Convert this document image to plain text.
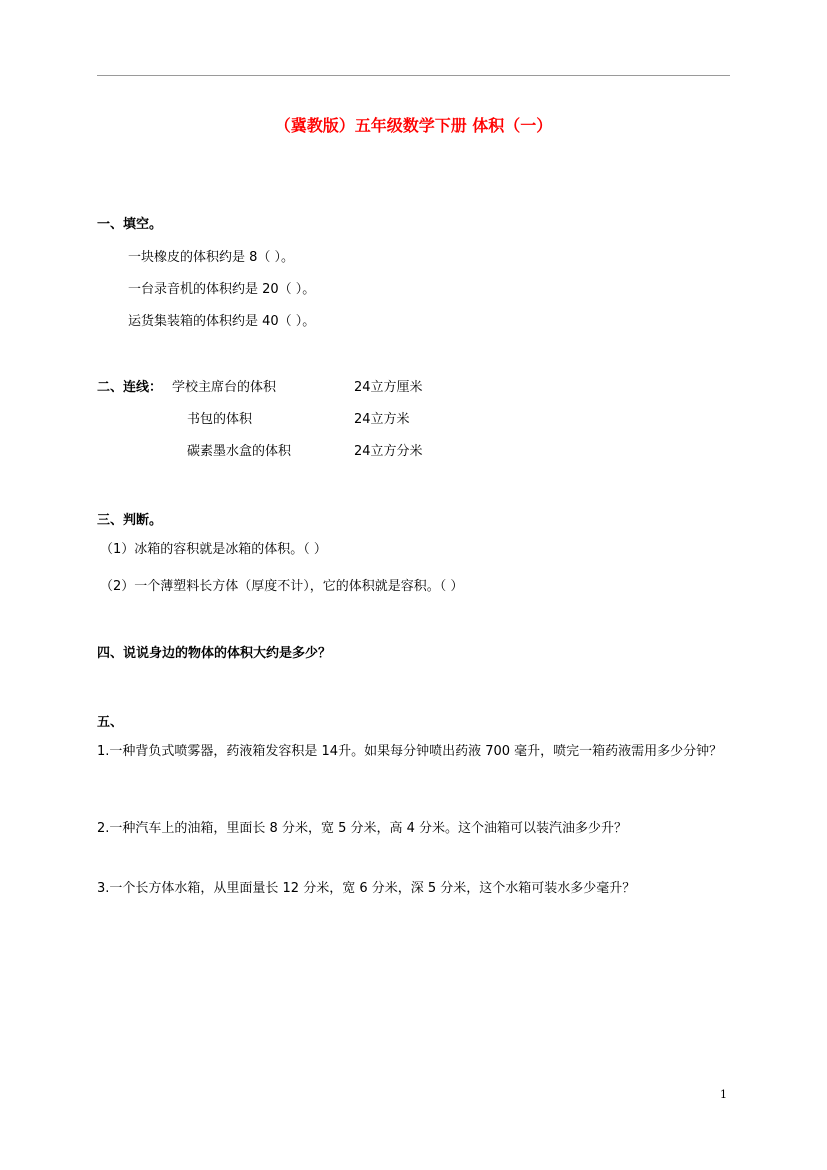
（冀教版）五年级数学下册 体积（一）
一、填空。
一块橡皮的体积约是 8（ ）。
一台录音机的体积约是 20（ ）。
运货集装箱的体积约是 40（ ）。
二、连线： 学校主席台的体积
书包的体积
碳素墨水盒的体积
24立方厘米
24立方米
24立方分米
三、判断。
（1）冰箱的容积就是冰箱的体积。（ ）
（2）一个薄塑料长方体（厚度不计），它的体积就是容积。（ ）
四、说说身边的物体的体积大约是多少？
五、
1.一种背负式喷雾器，药液箱发容积是 14升。如果每分钟喷出药液 700 毫升，喷完一箱药液需用多少分钟？
2.一种汽车上的油箱，里面长 8 分米，宽 5 分米，高 4 分米。这个油箱可以装汽油多少升？
3.一个长方体水箱，从里面量长 12 分米，宽 6 分米，深 5 分米，这个水箱可装水多少毫升？
1
